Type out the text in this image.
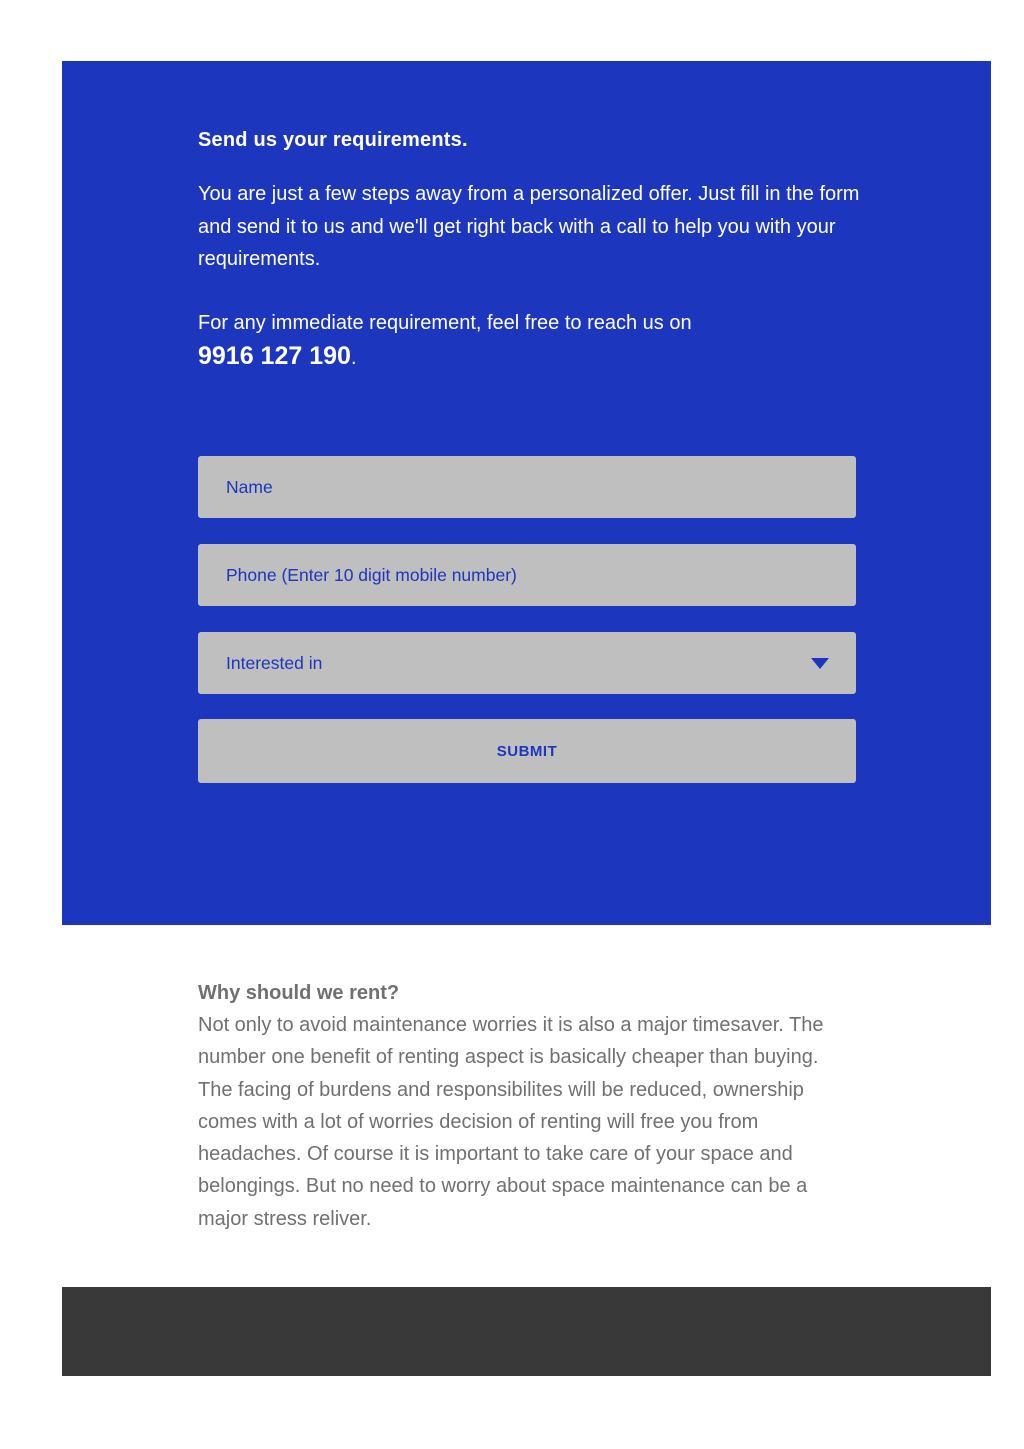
Send us your requirements.
You are just a few steps away from a personalized offer. Just fill in the form and send it to us and we'll get right back with a call to help you with your requirements.
For any immediate requirement, feel free to reach us on
9916 127 190.
Name
Phone (Enter 10 digit mobile number)
Interested in
SUBMIT
Why should we rent?
Not only to avoid maintenance worries it is also a major timesaver. The number one benefit of renting aspect is basically cheaper than buying. The facing of burdens and responsibilites will be reduced, ownership comes with a lot of worries decision of renting will free you from headaches. Of course it is important to take care of your space and belongings. But no need to worry about space maintenance can be a major stress reliver.
